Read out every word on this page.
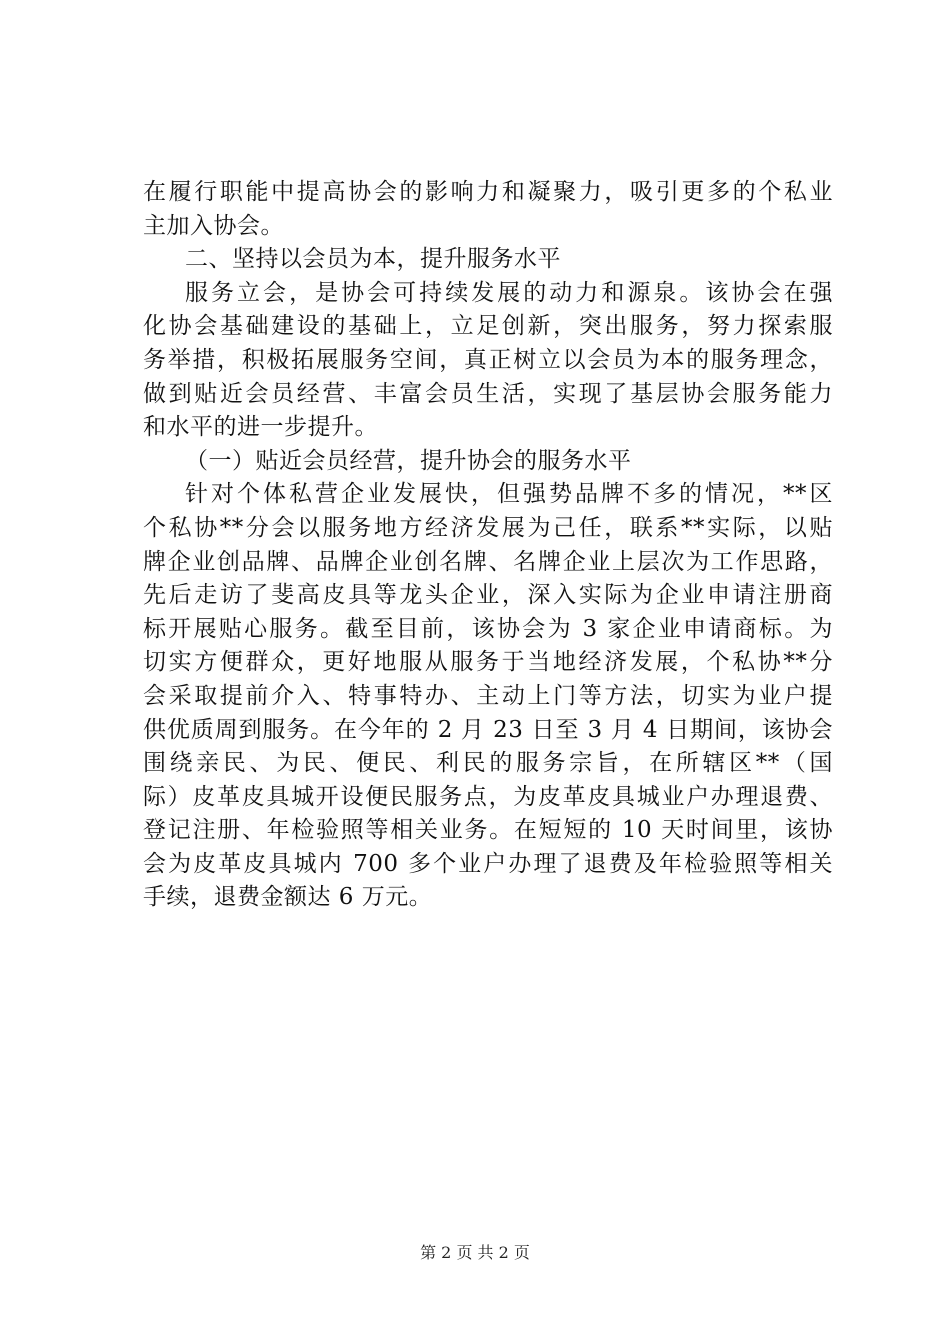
在履行职能中提高协会的影响力和凝聚力，吸引更多的个私业
主加入协会。
二、坚持以会员为本，提升服务水平
服务立会，是协会可持续发展的动力和源泉。该协会在强
化协会基础建设的基础上，立足创新，突出服务，努力探索服
务举措，积极拓展服务空间，真正树立以会员为本的服务理念，
做到贴近会员经营、丰富会员生活，实现了基层协会服务能力
和水平的进一步提升。
（一）贴近会员经营，提升协会的服务水平
针对个体私营企业发展快，但强势品牌不多的情况，**区
个私协**分会以服务地方经济发展为己任，联系**实际，以贴
牌企业创品牌、品牌企业创名牌、名牌企业上层次为工作思路，
先后走访了斐高皮具等龙头企业，深入实际为企业申请注册商
标开展贴心服务。截至目前，该协会为 3 家企业申请商标。为
切实方便群众，更好地服从服务于当地经济发展，个私协**分
会采取提前介入、特事特办、主动上门等方法，切实为业户提
供优质周到服务。在今年的 2 月 23 日至 3 月 4 日期间，该协会
围绕亲民、为民、便民、利民的服务宗旨，在所辖区**（国
际）皮革皮具城开设便民服务点，为皮革皮具城业户办理退费、
登记注册、年检验照等相关业务。在短短的 10 天时间里，该协
会为皮革皮具城内 700 多个业户办理了退费及年检验照等相关
手续，退费金额达 6 万元。
第 2 页 共 2 页
